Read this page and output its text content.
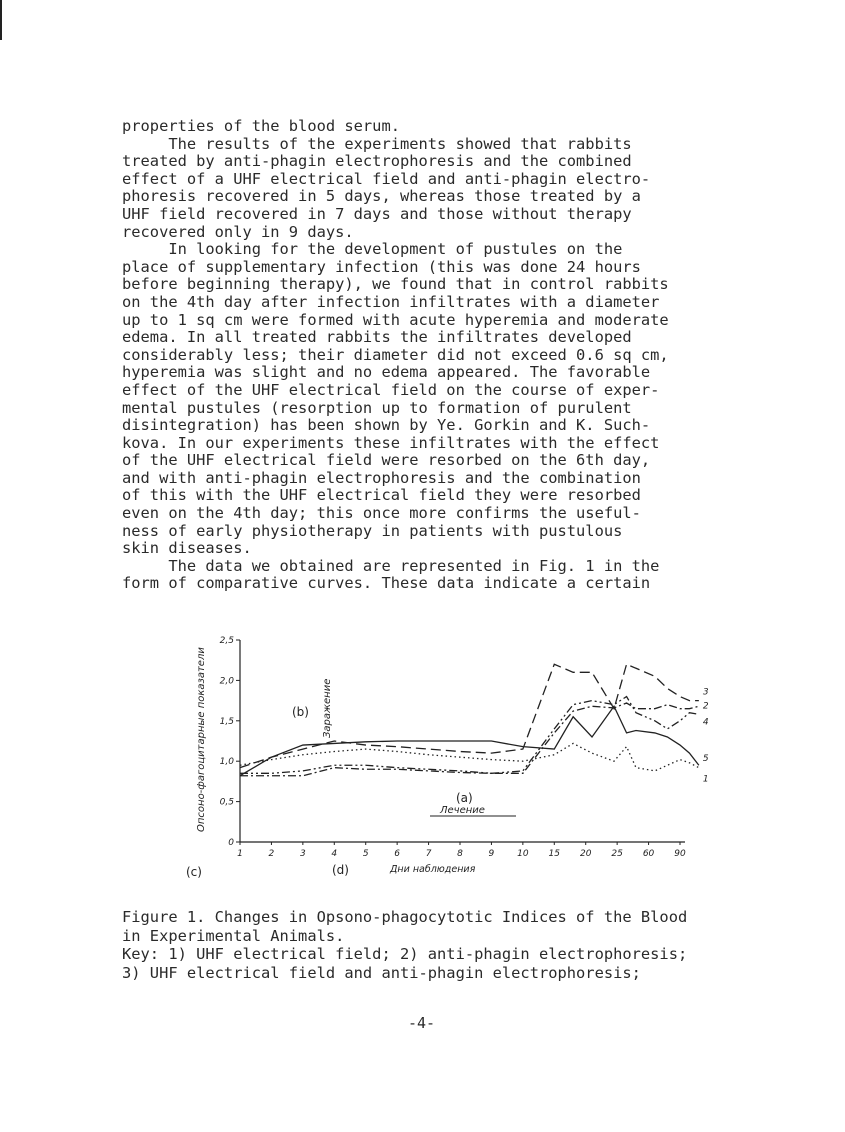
properties of the blood serum.
The results of the experiments showed that rabbits
treated by anti-phagin electrophoresis and the combined
effect of a UHF electrical field and anti-phagin electro-
phoresis recovered in 5 days, whereas those treated by a
UHF field recovered in 7 days and those without therapy
recovered only in 9 days.
In looking for the development of pustules on the
place of supplementary infection (this was done 24 hours
before beginning therapy), we found that in control rabbits
on the 4th day after infection infiltrates with a diameter
up to 1 sq cm were formed with acute hyperemia and moderate
edema. In all treated rabbits the infiltrates developed
considerably less; their diameter did not exceed 0.6 sq cm,
hyperemia was slight and no edema appeared. The favorable
effect of the UHF electrical field on the course of exper-
mental pustules (resorption up to formation of purulent
disintegration) has been shown by Ye. Gorkin and K. Such-
kova. In our experiments these infiltrates with the effect
of the UHF electrical field were resorbed on the 6th day,
and with anti-phagin electrophoresis and the combination
of this with the UHF electrical field they were resorbed
even on the 4th day; this once more confirms the useful-
ness of early physiotherapy in patients with pustulous
skin diseases.
The data we obtained are represented in Fig. 1 in the
form of comparative curves. These data indicate a certain
0
0,5
1,0
1,5
2,0
2,5
1	2	3	4	5	6	7	8	9	10 15 20 25 60 90
Опсоно-фагоцитарные показатели
Дни наблюдения
1
2
3
4
5
(b) Заражение
(a)
Лечение
(c)	(d)
Figure 1. Changes in Opsono-phagocytotic Indices of the Blood
in Experimental Animals.
Key: 1) UHF electrical field; 2) anti-phagin electrophoresis;
3) UHF electrical field and anti-phagin electrophoresis;
-4-
